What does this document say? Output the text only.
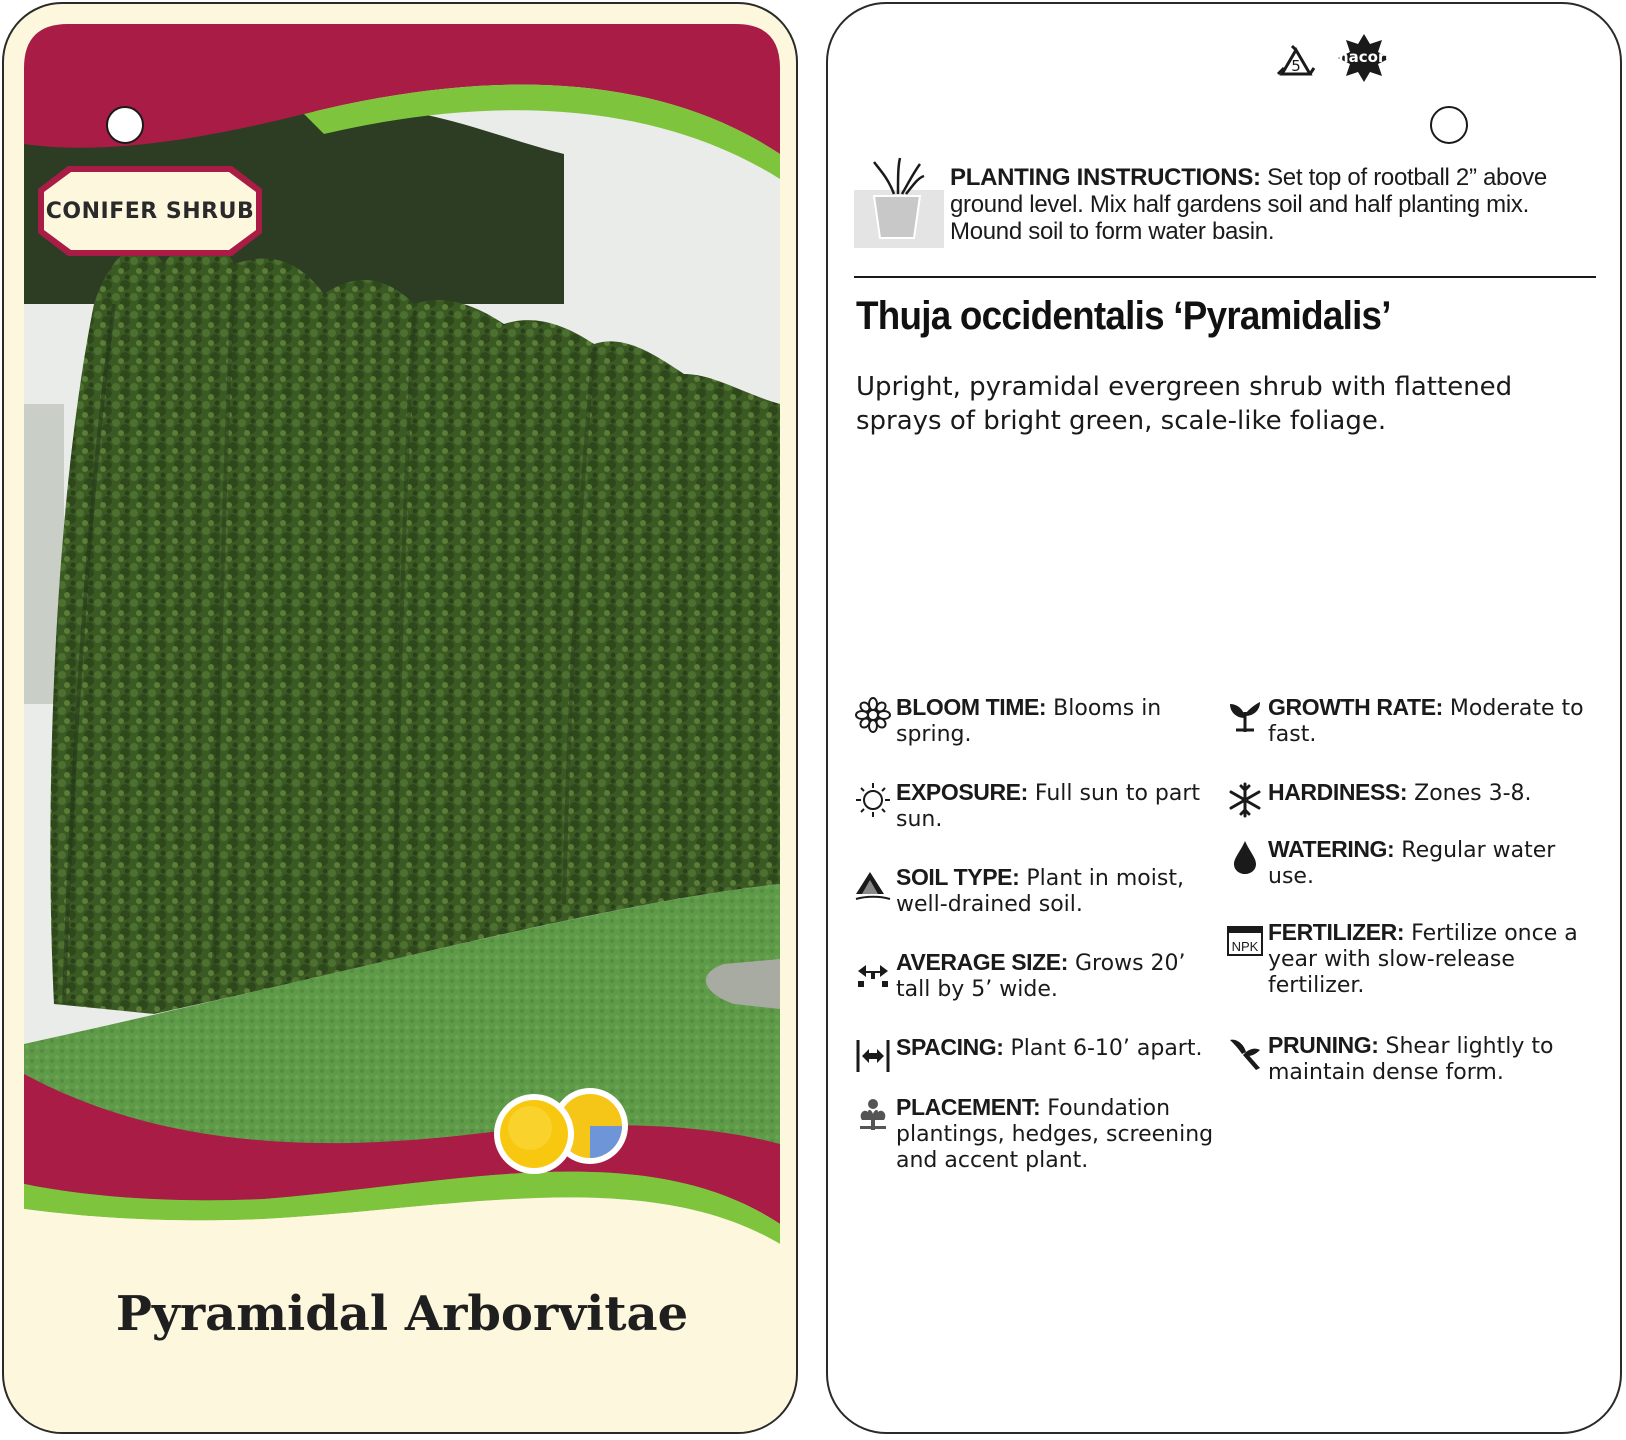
CONIFER SHRUB
Pyramidal Arborvitae
5 macore
PLANTING INSTRUCTIONS: Set top of rootball 2” above ground level. Mix half gardens soil and half planting mix. Mound soil to form water basin.
Thuja occidentalis ‘Pyramidalis’
Upright, pyramidal evergreen shrub with flattened sprays of bright green, scale-like foliage.
BLOOM TIME: Blooms in spring.
EXPOSURE: Full sun to part sun.
SOIL TYPE: Plant in moist, well-drained soil.
AVERAGE SIZE: Grows 20’ tall by 5’ wide.
SPACING: Plant 6-10’ apart.
PLACEMENT: Foundation plantings, hedges, screening and accent plant.
GROWTH RATE: Moderate to fast.
HARDINESS: Zones 3-8.
WATERING: Regular water use.
NPK
FERTILIZER: Fertilize once a year with slow-release fertilizer.
PRUNING: Shear lightly to maintain dense form.
